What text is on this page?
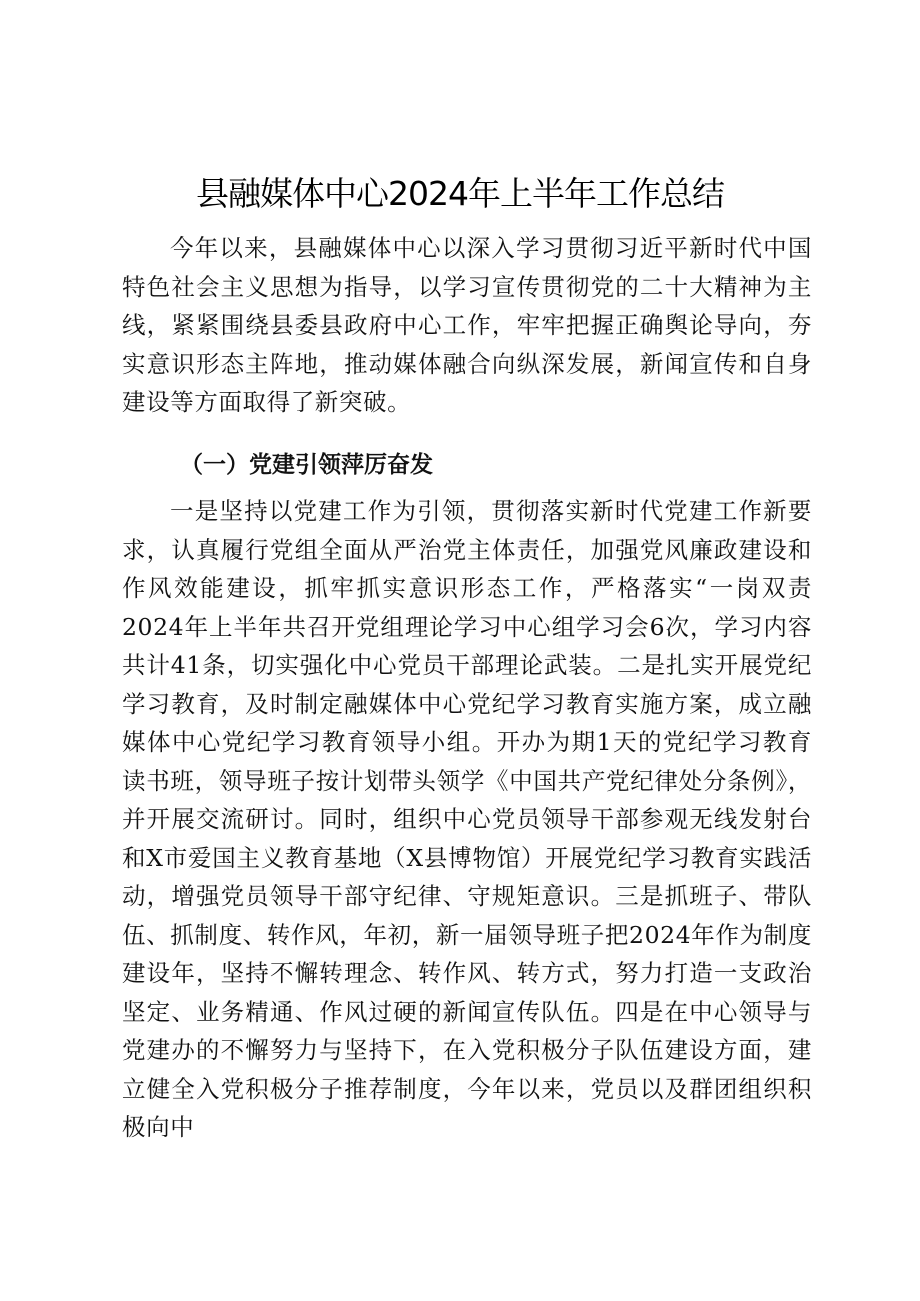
县融媒体中心2024年上半年工作总结

今年以来，县融媒体中心以深入学习贯彻习近平新时代中国特色社会主义思想为指导，以学习宣传贯彻党的二十大精神为主线，紧紧围绕县委县政府中心工作，牢牢把握正确舆论导向，夯实意识形态主阵地，推动媒体融合向纵深发展，新闻宣传和自身建设等方面取得了新突破。

（一）党建引领萍厉奋发

一是坚持以党建工作为引领，贯彻落实新时代党建工作新要求，认真履行党组全面从严治党主体责任，加强党风廉政建设和作风效能建设，抓牢抓实意识形态工作，严格落实“一岗双责2024年上半年共召开党组理论学习中心组学习会6次，学习内容共计41条，切实强化中心党员干部理论武装。二是扎实开展党纪学习教育，及时制定融媒体中心党纪学习教育实施方案，成立融媒体中心党纪学习教育领导小组。开办为期1天的党纪学习教育读书班，领导班子按计划带头领学《中国共产党纪律处分条例》，并开展交流研讨。同时，组织中心党员领导干部参观无线发射台和X市爱国主义教育基地（X县博物馆）开展党纪学习教育实践活动，增强党员领导干部守纪律、守规矩意识。三是抓班子、带队伍、抓制度、转作风，年初，新一届领导班子把2024年作为制度建设年，坚持不懈转理念、转作风、转方式，努力打造一支政治坚定、业务精通、作风过硬的新闻宣传队伍。四是在中心领导与党建办的不懈努力与坚持下，在入党积极分子队伍建设方面，建立健全入党积极分子推荐制度，今年以来，党员以及群团组织积极向中
